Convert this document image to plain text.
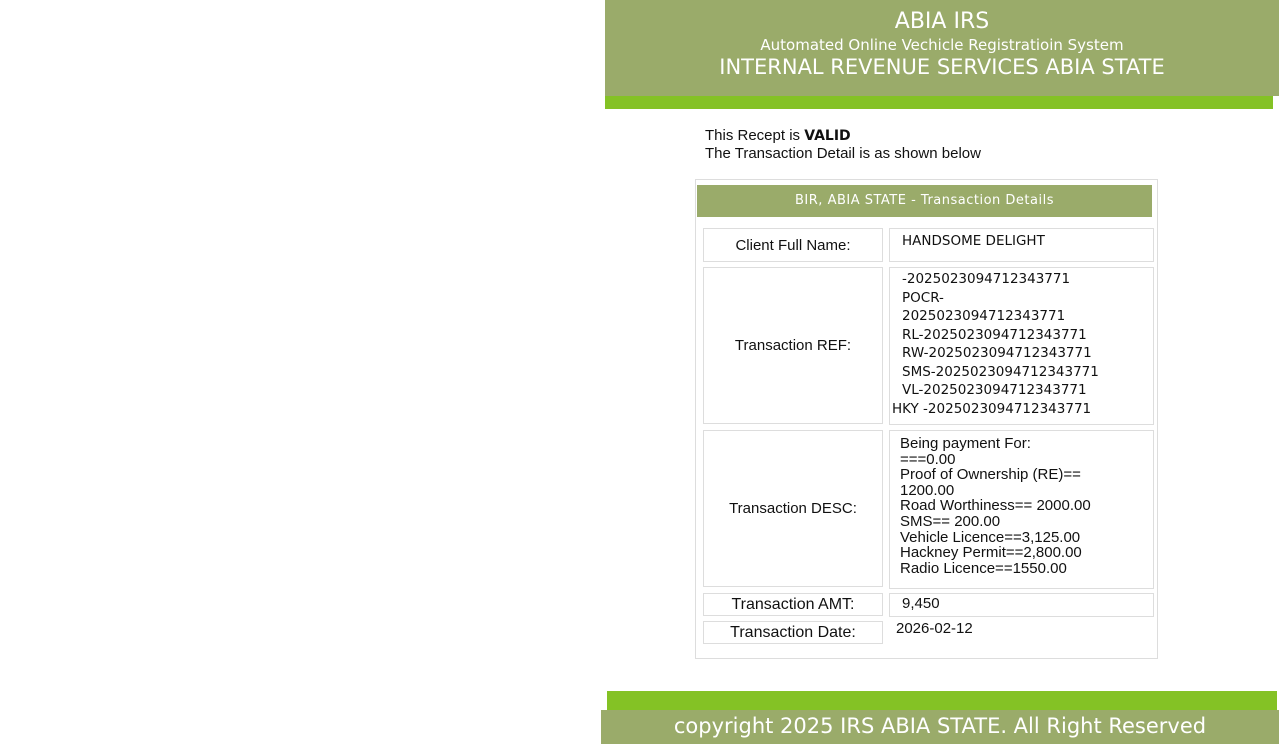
ABIA IRS
Automated Online Vechicle Registratioin System
INTERNAL REVENUE SERVICES ABIA STATE
This Recept is VALID
The Transaction Detail is as shown below
BIR, ABIA STATE - Transaction Details
Client Full Name:	HANDSOME DELIGHT
Transaction REF:
-2025023094712343771
POCR-
2025023094712343771
RL-2025023094712343771
RW-2025023094712343771
SMS-2025023094712343771
VL-2025023094712343771
HKY -2025023094712343771
Transaction DESC:
Being payment For:
===0.00
Proof of Ownership (RE)==
1200.00
Road Worthiness== 2000.00
SMS== 200.00
Vehicle Licence==3,125.00
Hackney Permit==2,800.00
Radio Licence==1550.00
Transaction AMT:	9,450
Transaction Date:	2026-02-12
copyright 2025 IRS ABIA STATE. All Right Reserved
